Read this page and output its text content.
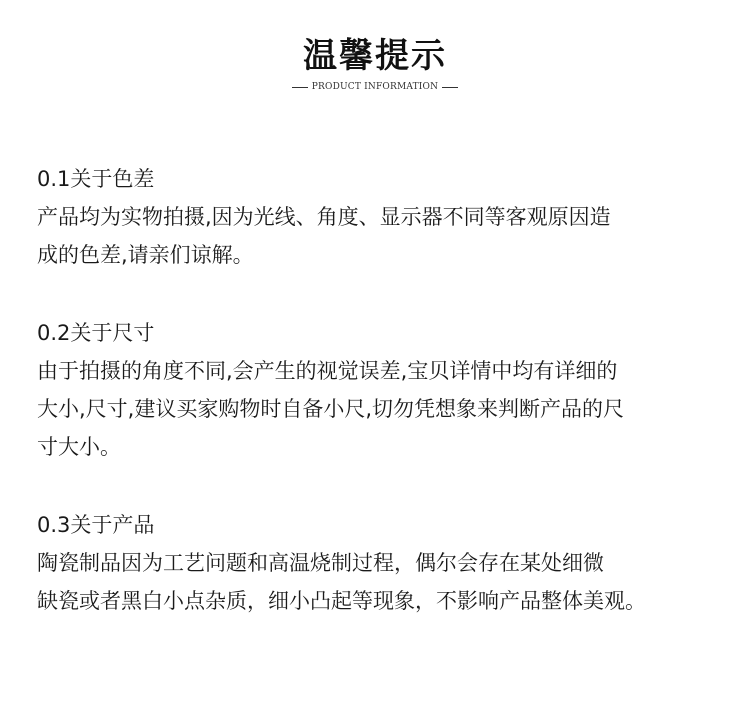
温馨提示
PRODUCT INFORMATION
0.1关于色差
产品均为实物拍摄,因为光线、角度、显示器不同等客观原因造
成的色差,请亲们谅解。
0.2关于尺寸
由于拍摄的角度不同,会产生的视觉误差,宝贝详情中均有详细的
大小,尺寸,建议买家购物时自备小尺,切勿凭想象来判断产品的尺
寸大小。
0.3关于产品
陶瓷制品因为工艺问题和高温烧制过程，偶尔会存在某处细微
缺瓷或者黑白小点杂质，细小凸起等现象，不影响产品整体美观。
